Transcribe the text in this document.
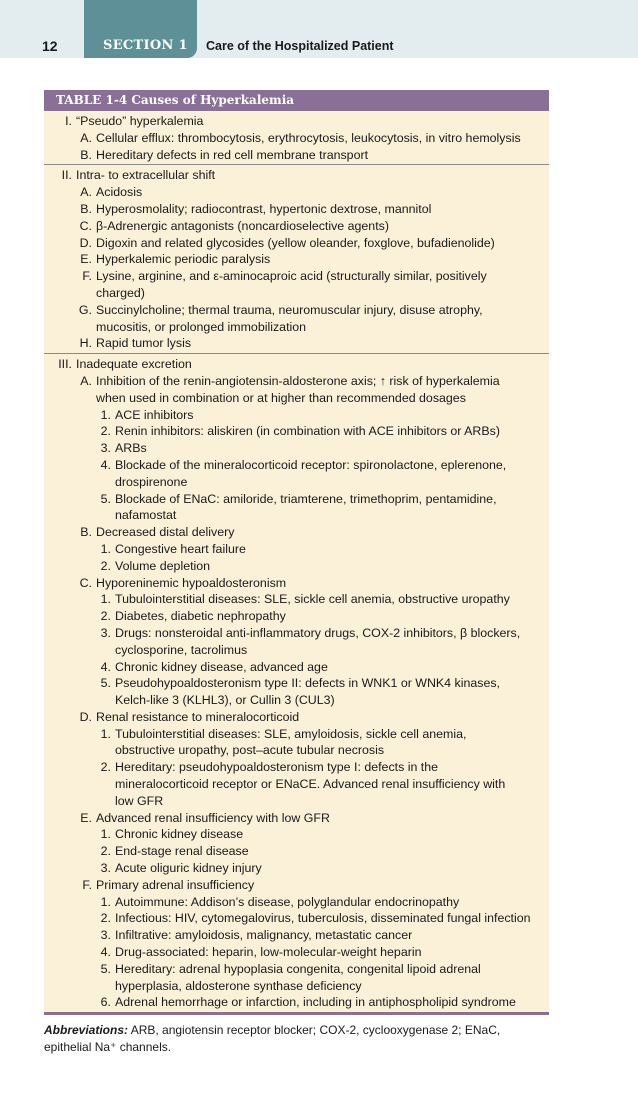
12	SECTION 1 Care of the Hospitalized Patient
TABLE 1-4 Causes of Hyperkalemia
I. “Pseudo” hyperkalemia
A. Cellular efflux: thrombocytosis, erythrocytosis, leukocytosis, in vitro hemolysis
B. Hereditary defects in red cell membrane transport
II. Intra- to extracellular shift
A. Acidosis
B. Hyperosmolality; radiocontrast, hypertonic dextrose, mannitol
C. β-Adrenergic antagonists (noncardioselective agents)
D. Digoxin and related glycosides (yellow oleander, foxglove, bufadienolide)
E. Hyperkalemic periodic paralysis
F. Lysine, arginine, and ε-aminocaproic acid (structurally similar, positively
charged)
G. Succinylcholine; thermal trauma, neuromuscular injury, disuse atrophy,
mucositis, or prolonged immobilization
H. Rapid tumor lysis
III. Inadequate excretion
A. Inhibition of the renin-angiotensin-aldosterone axis; ↑ risk of hyperkalemia
when used in combination or at higher than recommended dosages
1. ACE inhibitors
2. Renin inhibitors: aliskiren (in combination with ACE inhibitors or ARBs)
3. ARBs
4. Blockade of the mineralocorticoid receptor: spironolactone, eplerenone,
drospirenone
5. Blockade of ENaC: amiloride, triamterene, trimethoprim, pentamidine,
nafamostat
B. Decreased distal delivery
1. Congestive heart failure
2. Volume depletion
C. Hyporeninemic hypoaldosteronism
1. Tubulointerstitial diseases: SLE, sickle cell anemia, obstructive uropathy
2. Diabetes, diabetic nephropathy
3. Drugs: nonsteroidal anti-inflammatory drugs, COX-2 inhibitors, β blockers,
cyclosporine, tacrolimus
4. Chronic kidney disease, advanced age
5. Pseudohypoaldosteronism type II: defects in WNK1 or WNK4 kinases,
Kelch-like 3 (KLHL3), or Cullin 3 (CUL3)
D. Renal resistance to mineralocorticoid
1. Tubulointerstitial diseases: SLE, amyloidosis, sickle cell anemia,
obstructive uropathy, post–acute tubular necrosis
2. Hereditary: pseudohypoaldosteronism type I: defects in the
mineralocorticoid receptor or ENaCE. Advanced renal insufficiency with
low GFR
E. Advanced renal insufficiency with low GFR
1. Chronic kidney disease
2. End-stage renal disease
3. Acute oliguric kidney injury
F. Primary adrenal insufficiency
1. Autoimmune: Addison’s disease, polyglandular endocrinopathy
2. Infectious: HIV, cytomegalovirus, tuberculosis, disseminated fungal infection
3. Infiltrative: amyloidosis, malignancy, metastatic cancer
4. Drug-associated: heparin, low-molecular-weight heparin
5. Hereditary: adrenal hypoplasia congenita, congenital lipoid adrenal
hyperplasia, aldosterone synthase deficiency
6. Adrenal hemorrhage or infarction, including in antiphospholipid syndrome
Abbreviations: ARB, angiotensin receptor blocker; COX-2, cyclooxygenase 2; ENaC, epithelial Na⁺ channels.
